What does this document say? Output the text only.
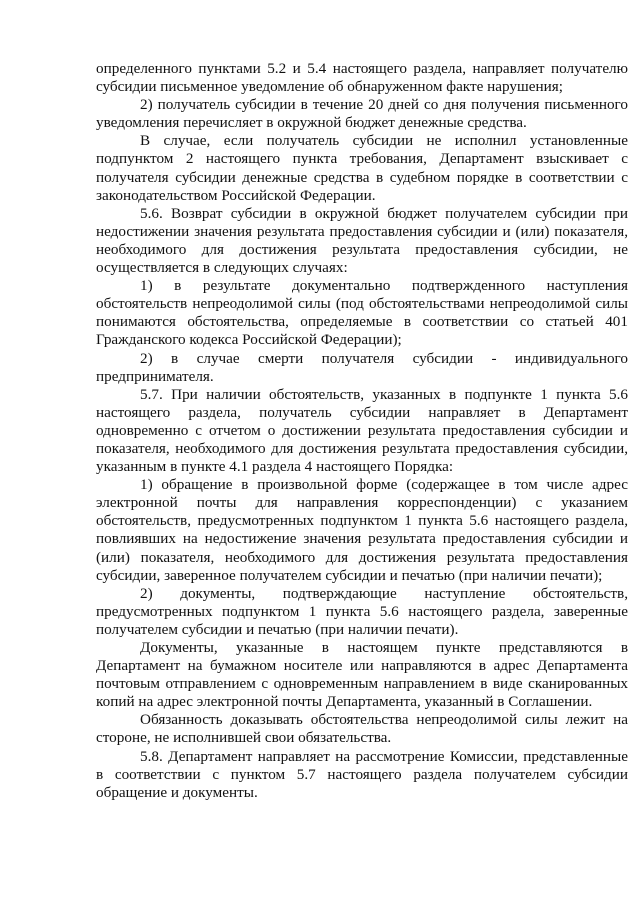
определенного пунктами 5.2 и 5.4 настоящего раздела, направляет получателю субсидии письменное уведомление об обнаруженном факте нарушения;

2) получатель субсидии в течение 20 дней со дня получения письменного уведомления перечисляет в окружной бюджет денежные средства.

В случае, если получатель субсидии не исполнил установленные подпунктом 2 настоящего пункта требования, Департамент взыскивает с получателя субсидии денежные средства в судебном порядке в соответствии с законодательством Российской Федерации.

5.6. Возврат субсидии в окружной бюджет получателем субсидии при недостижении значения результата предоставления субсидии и (или) показателя, необходимого для достижения результата предоставления субсидии, не осуществляется в следующих случаях:

1) в результате документально подтвержденного наступления обстоятельств непреодолимой силы (под обстоятельствами непреодолимой силы понимаются обстоятельства, определяемые в соответствии со статьей 401 Гражданского кодекса Российской Федерации);

2) в случае смерти получателя субсидии - индивидуального предпринимателя.

5.7. При наличии обстоятельств, указанных в подпункте 1 пункта 5.6 настоящего раздела, получатель субсидии направляет в Департамент одновременно с отчетом о достижении результата предоставления субсидии и показателя, необходимого для достижения результата предоставления субсидии, указанным в пункте 4.1 раздела 4 настоящего Порядка:

1) обращение в произвольной форме (содержащее в том числе адрес электронной почты для направления корреспонденции) с указанием обстоятельств, предусмотренных подпунктом 1 пункта 5.6 настоящего раздела, повлиявших на недостижение значения результата предоставления субсидии и (или) показателя, необходимого для достижения результата предоставления субсидии, заверенное получателем субсидии и печатью (при наличии печати);

2) документы, подтверждающие наступление обстоятельств, предусмотренных подпунктом 1 пункта 5.6 настоящего раздела, заверенные получателем субсидии и печатью (при наличии печати).

Документы, указанные в настоящем пункте представляются в Департамент на бумажном носителе или направляются в адрес Департамента почтовым отправлением с одновременным направлением в виде сканированных копий на адрес электронной почты Департамента, указанный в Соглашении.

Обязанность доказывать обстоятельства непреодолимой силы лежит на стороне, не исполнившей свои обязательства.

5.8. Департамент направляет на рассмотрение Комиссии, представленные в соответствии с пунктом 5.7 настоящего раздела получателем субсидии обращение и документы.
